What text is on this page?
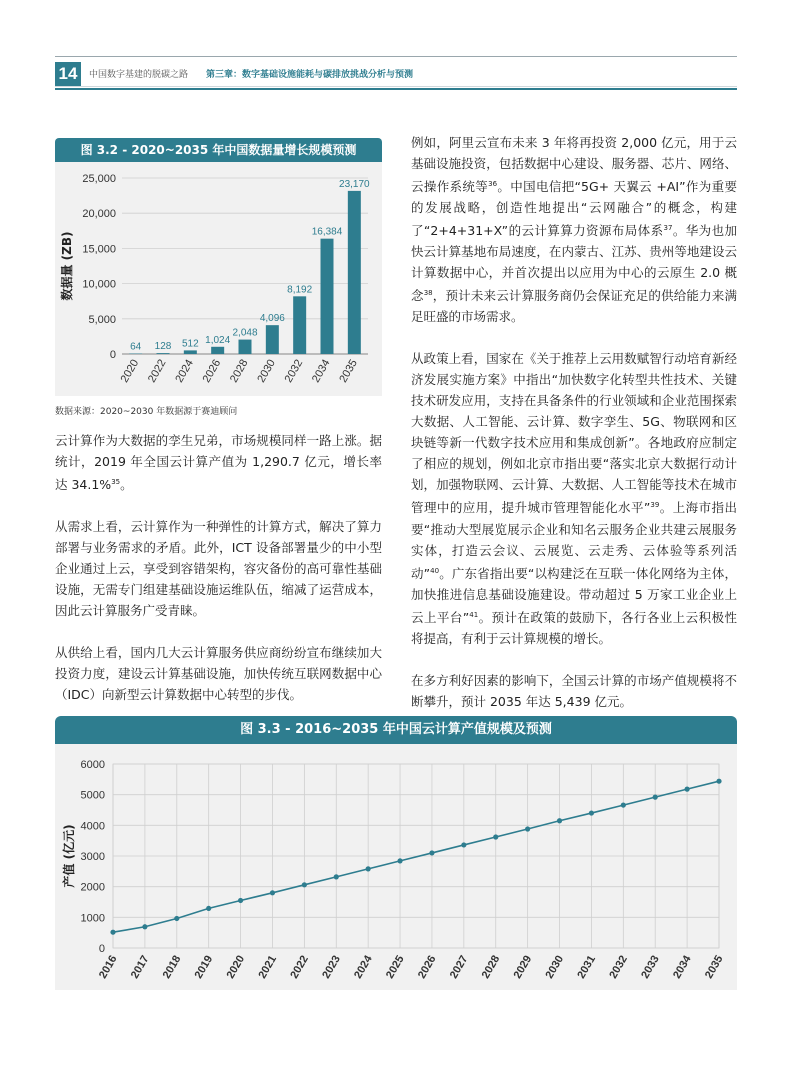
14	中国数字基建的脱碳之路 第三章：数字基础设施能耗与碳排放挑战分析与预测
图 3.2 - 2020~2035 年中国数据量增长规模预测
0
5,000
10,000
15,000
20,000
25,000
64
2020
128
2022
512
2024
1,024
2026
2,048
2028
4,096
2030
8,192
2032
16,384
2034
23,170
2035
数据量 (ZB)
数据来源：2020~2030 年数据源于赛迪顾问

云计算作为大数据的孪生兄弟，市场规模同样一路上涨。据统计，2019 年全国云计算产值为 1,290.7 亿元，增长率达 34.1%$^{35}$。

从需求上看，云计算作为一种弹性的计算方式，解决了算力部署与业务需求的矛盾。此外，ICT 设备部署量少的中小型企业通过上云，享受到容错架构，容灾备份的高可靠性基础设施，无需专门组建基础设施运维队伍，缩减了运营成本，因此云计算服务广受青睐。

从供给上看，国内几大云计算服务供应商纷纷宣布继续加大投资力度，建设云计算基础设施，加快传统互联网数据中心（IDC）向新型云计算数据中心转型的步伐。

例如，阿里云宣布未来 3 年将再投资 2,000 亿元，用于云基础设施投资，包括数据中心建设、服务器、芯片、网络、云操作系统等$^{36}$。中国电信把“5G+ 天翼云 +AI”作为重要的发展战略，创造性地提出“云网融合”的概念，构建了“2+4+31+X”的云计算算力资源布局体系$^{37}$。华为也加快云计算基地布局速度，在内蒙古、江苏、贵州等地建设云计算数据中心，并首次提出以应用为中心的云原生 2.0 概念$^{38}$，预计未来云计算服务商仍会保证充足的供给能力来满足旺盛的市场需求。

从政策上看，国家在《关于推荐上云用数赋智行动培育新经济发展实施方案》中指出“加快数字化转型共性技术、关键技术研发应用，支持在具备条件的行业领域和企业范围探索大数据、人工智能、云计算、数字孪生、5G、物联网和区块链等新一代数字技术应用和集成创新”。各地政府应制定了相应的规划，例如北京市指出要“落实北京大数据行动计划，加强物联网、云计算、大数据、人工智能等技术在城市管理中的应用，提升城市管理智能化水平”$^{39}$。上海市指出要“推动大型展览展示企业和知名云服务企业共建云展服务实体，打造云会议、云展览、云走秀、云体验等系列活动”$^{40}$。广东省指出要“以构建泛在互联一体化网络为主体，加快推进信息基础设施建设。带动超过 5 万家工业企业上云上平台”$^{41}$。预计在政策的鼓励下，各行各业上云积极性将提高，有利于云计算规模的增长。

在多方利好因素的影响下，全国云计算的市场产值规模将不断攀升，预计 2035 年达 5,439 亿元。

图 3.3 - 2016~2035 年中国云计算产值规模及预测
0
1000
2000
3000
4000
5000
6000
2016 2017 2018 2019 2020 2021 2022 2023 2024 2025 2026 2027 2028 2029 2030 2031 2032 2033 2034 2035
产值 (亿元)
